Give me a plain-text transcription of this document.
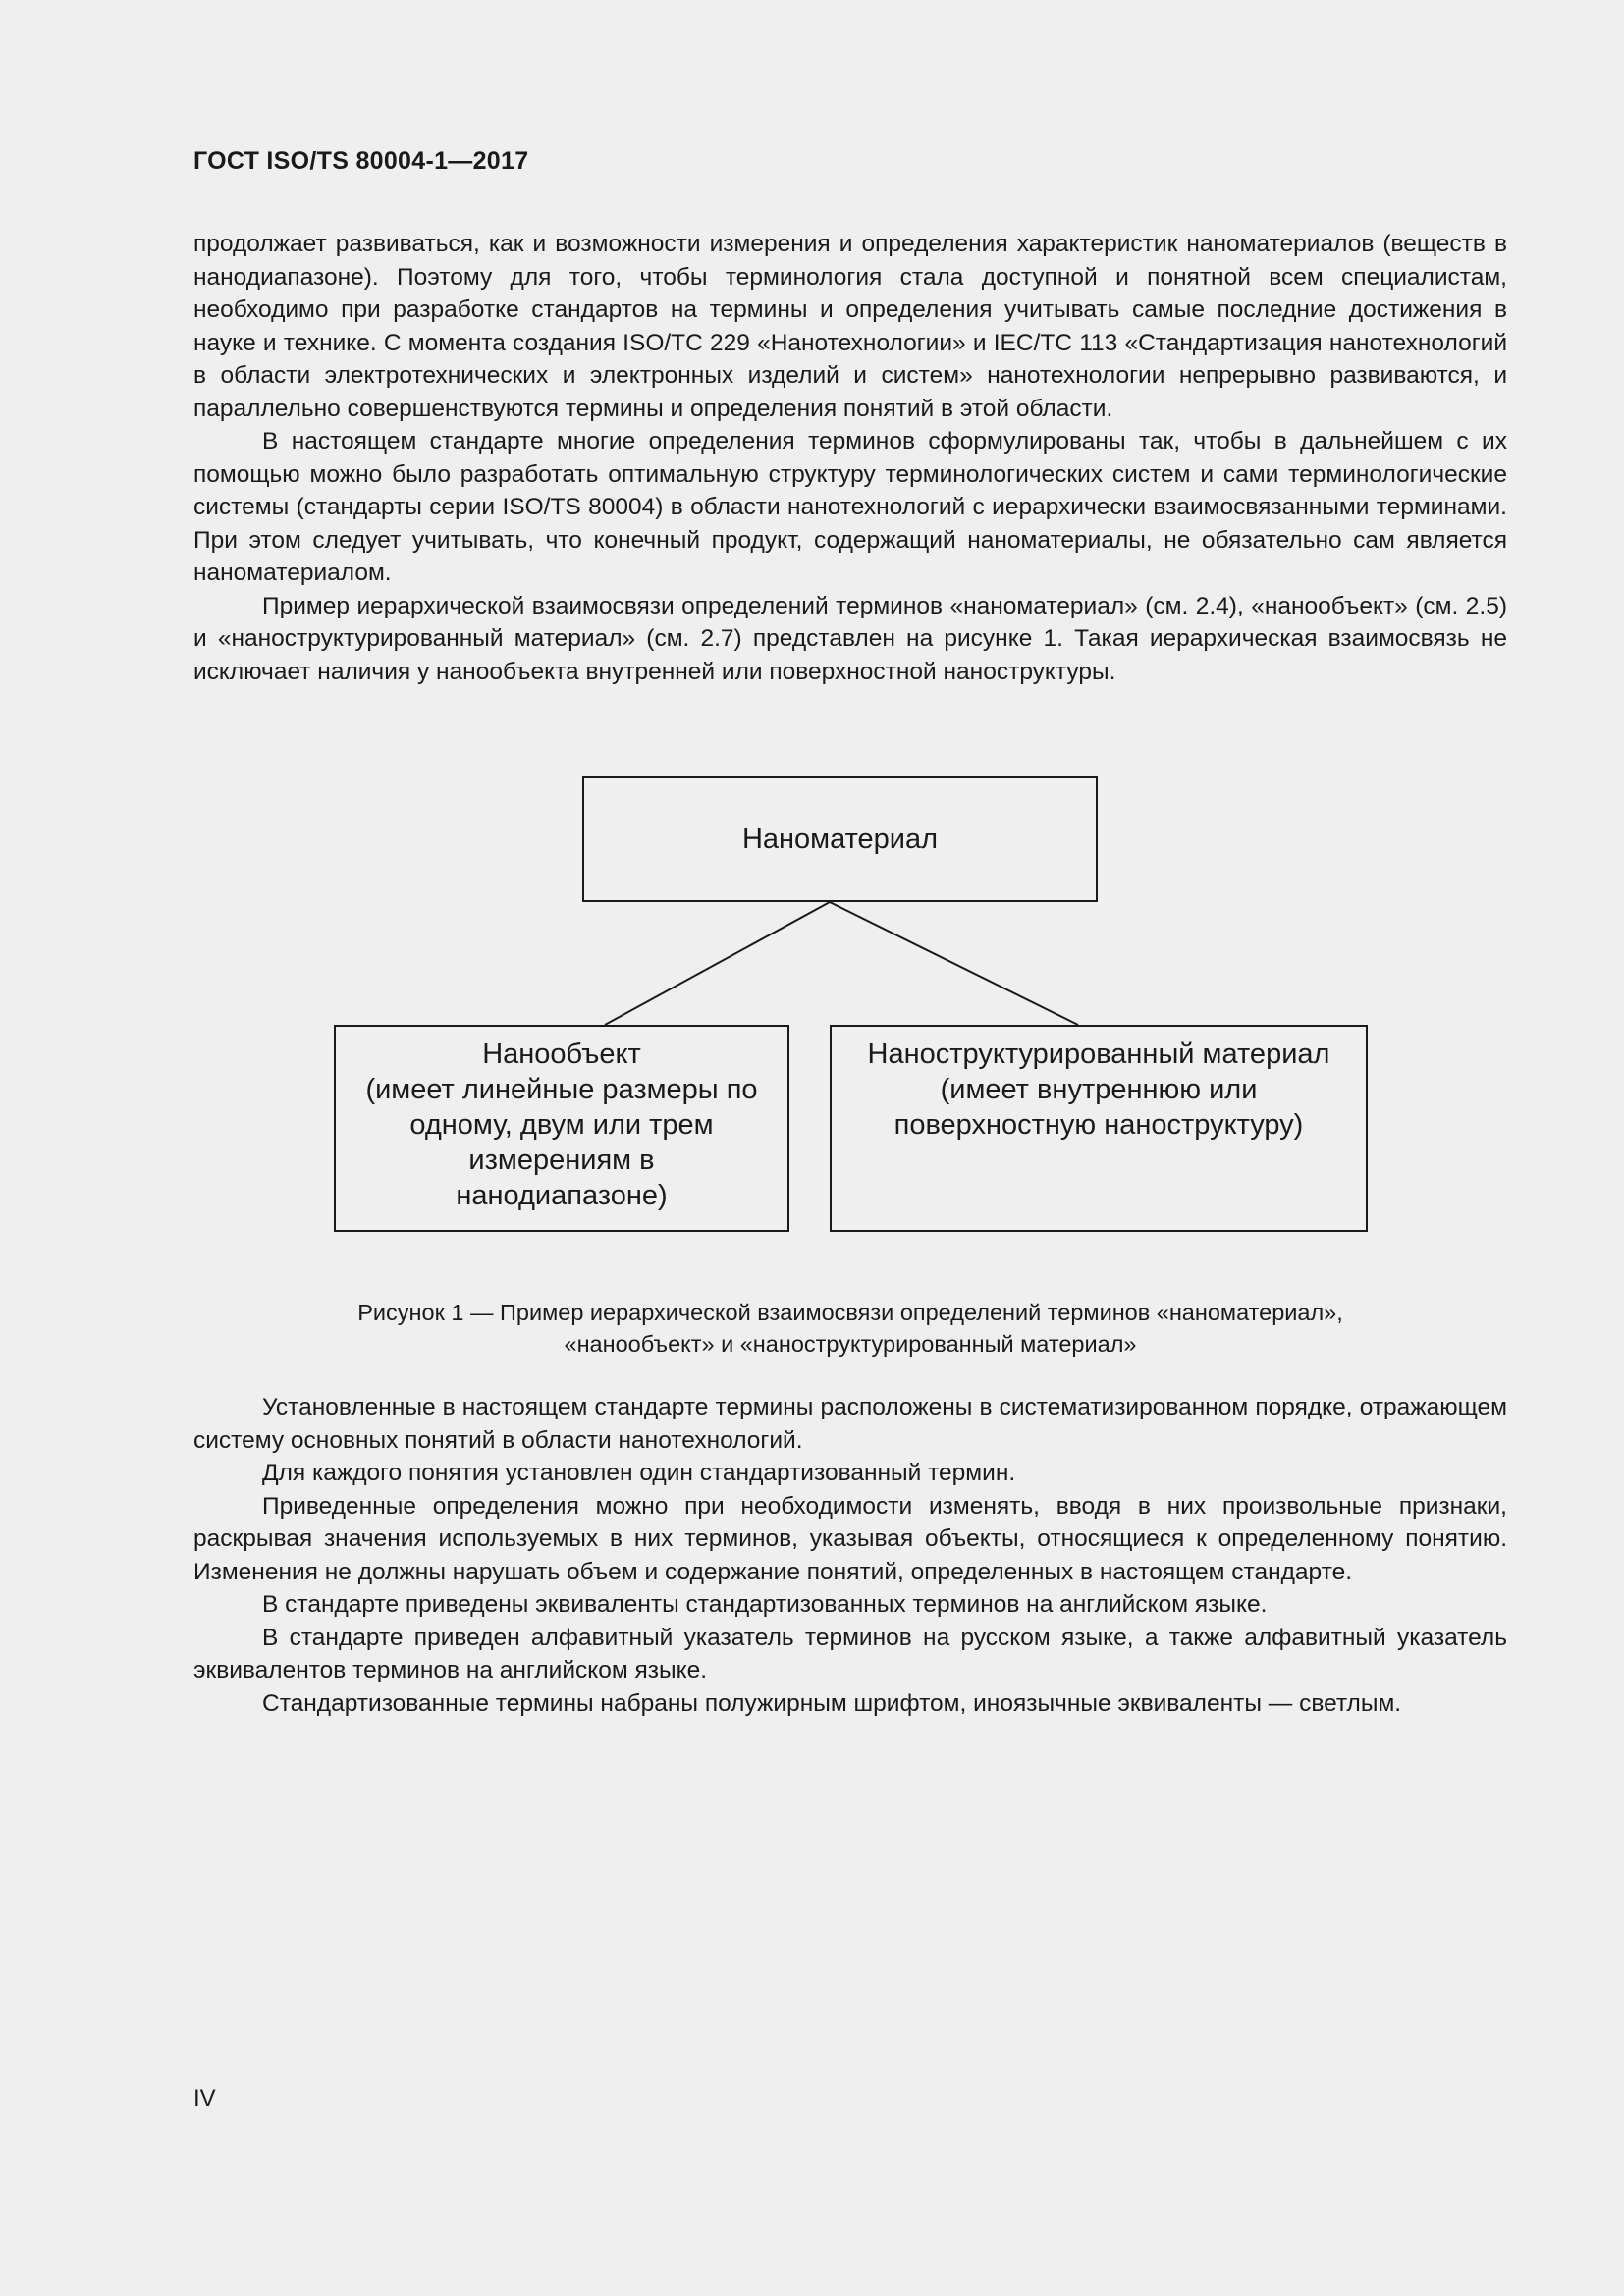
ГОСТ ISO/TS 80004-1—2017

продолжает развиваться, как и возможности измерения и определения характеристик наноматериалов (веществ в нанодиапазоне). Поэтому для того, чтобы терминология стала доступной и понятной всем специалистам, необходимо при разработке стандартов на термины и определения учитывать самые последние достижения в науке и технике. С момента создания ISO/TC 229 «Нанотехнологии» и IEC/TC 113 «Стандартизация нанотехнологий в области электротехнических и электронных изделий и систем» нанотехнологии непрерывно развиваются, и параллельно совершенствуются термины и определения понятий в этой области.

В настоящем стандарте многие определения терминов сформулированы так, чтобы в дальнейшем с их помощью можно было разработать оптимальную структуру терминологических систем и сами терминологические системы (стандарты серии ISO/TS 80004) в области нанотехнологий с иерархически взаимосвязанными терминами. При этом следует учитывать, что конечный продукт, содержащий наноматериалы, не обязательно сам является наноматериалом.

Пример иерархической взаимосвязи определений терминов «наноматериал» (см. 2.4), «нанообъект» (см. 2.5) и «наноструктурированный материал» (см. 2.7) представлен на рисунке 1. Такая иерархическая взаимосвязь не исключает наличия у нанообъекта внутренней или поверхностной наноструктуры.

Наноматериал
Нанообъект
(имеет линейные размеры по
одному, двум или трем
измерениям в
нанодиапазоне)
Наноструктурированный материал
(имеет внутреннюю или
поверхностную наноструктуру)
Рисунок 1 — Пример иерархической взаимосвязи определений терминов «наноматериал»,
«нанообъект» и «наноструктурированный материал»

Установленные в настоящем стандарте термины расположены в систематизированном порядке, отражающем систему основных понятий в области нанотехнологий.

Для каждого понятия установлен один стандартизованный термин.

Приведенные определения можно при необходимости изменять, вводя в них произвольные признаки, раскрывая значения используемых в них терминов, указывая объекты, относящиеся к определенному понятию. Изменения не должны нарушать объем и содержание понятий, определенных в настоящем стандарте.

В стандарте приведены эквиваленты стандартизованных терминов на английском языке.

В стандарте приведен алфавитный указатель терминов на русском языке, а также алфавитный указатель эквивалентов терминов на английском языке.

Стандартизованные термины набраны полужирным шрифтом, иноязычные эквиваленты — светлым.

IV
